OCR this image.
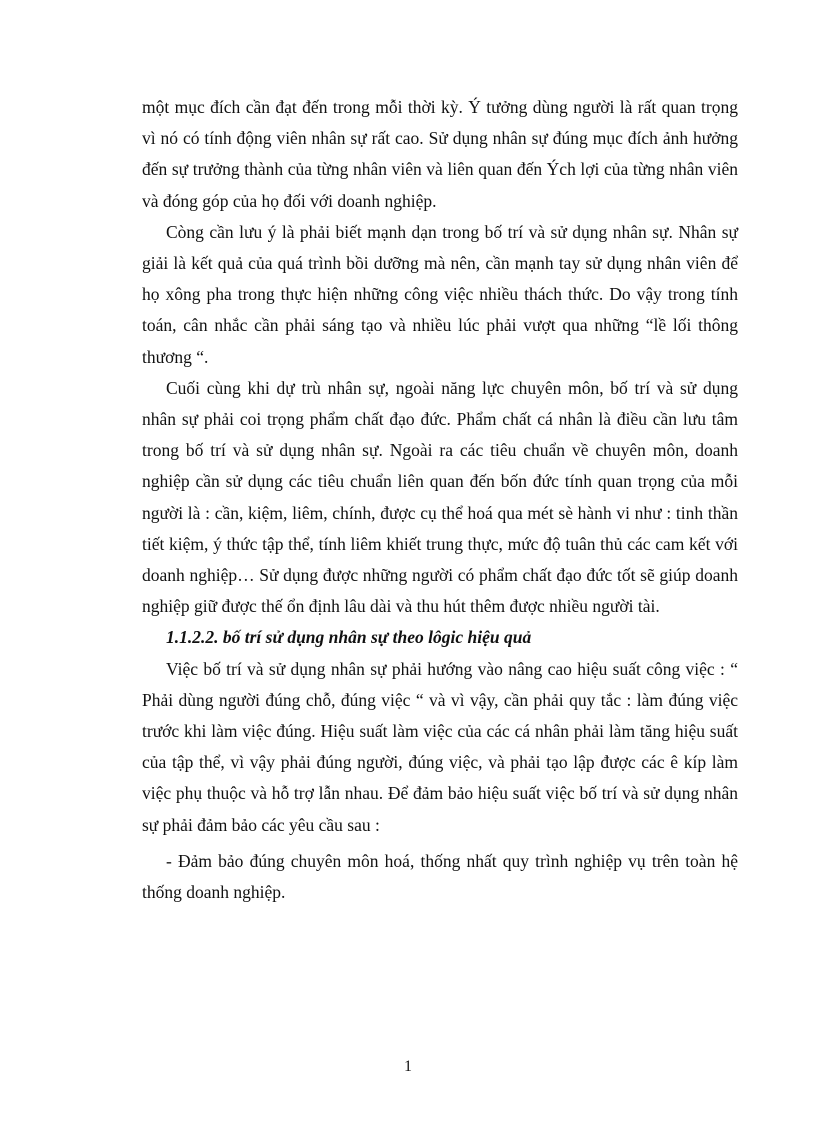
một mục đích cần đạt đến trong mỗi thời kỳ. Ý tưởng dùng người là rất quan trọng vì nó có tính động viên nhân sự rất cao. Sử dụng nhân sự đúng mục đích ảnh hưởng đến sự trưởng thành của từng nhân viên và liên quan đến Ých lợi của từng nhân viên và đóng góp của họ đối với doanh nghiệp.

Còng cần lưu ý là phải biết mạnh dạn trong bố trí và sử dụng nhân sự. Nhân sự giải là kết quả của quá trình bồi dưỡng mà nên, cần mạnh tay sử dụng nhân viên để họ xông pha trong thực hiện những công việc nhiều thách thức. Do vậy trong tính toán, cân nhắc cần phải sáng tạo và nhiều lúc phải vượt qua những “lề lối thông thương “.

Cuối cùng khi dự trù nhân sự, ngoài năng lực chuyên môn, bố trí và sử dụng nhân sự phải coi trọng phẩm chất đạo đức. Phẩm chất cá nhân là điều cần lưu tâm trong bố trí và sử dụng nhân sự. Ngoài ra các tiêu chuẩn về chuyên môn, doanh nghiệp cần sử dụng các tiêu chuẩn liên quan đến bốn đức tính quan trọng của mỗi người là : cần, kiệm, liêm, chính, được cụ thể hoá qua mét sè hành vi như : tinh thần tiết kiệm, ý thức tập thể, tính liêm khiết trung thực, mức độ tuân thủ các cam kết với doanh nghiệp… Sử dụng được những người có phẩm chất đạo đức tốt sẽ giúp doanh nghiệp giữ được thế ổn định lâu dài và thu hút thêm được nhiều người tài.

1.1.2.2. bố trí sử dụng nhân sự theo lôgic hiệu quả

Việc bố trí và sử dụng nhân sự phải hướng vào nâng cao hiệu suất công việc : “ Phải dùng người đúng chỗ, đúng việc “ và vì vậy, cần phải quy tắc : làm đúng việc trước khi làm việc đúng. Hiệu suất làm việc của các cá nhân phải làm tăng hiệu suất của tập thể, vì vậy phải đúng người, đúng việc, và phải tạo lập được các ê kíp làm việc phụ thuộc và hỗ trợ lẫn nhau. Để đảm bảo hiệu suất việc bố trí và sử dụng nhân sự phải đảm bảo các yêu cầu sau :

- Đảm bảo đúng chuyên môn hoá, thống nhất quy trình nghiệp vụ trên toàn hệ thống doanh nghiệp.

1
